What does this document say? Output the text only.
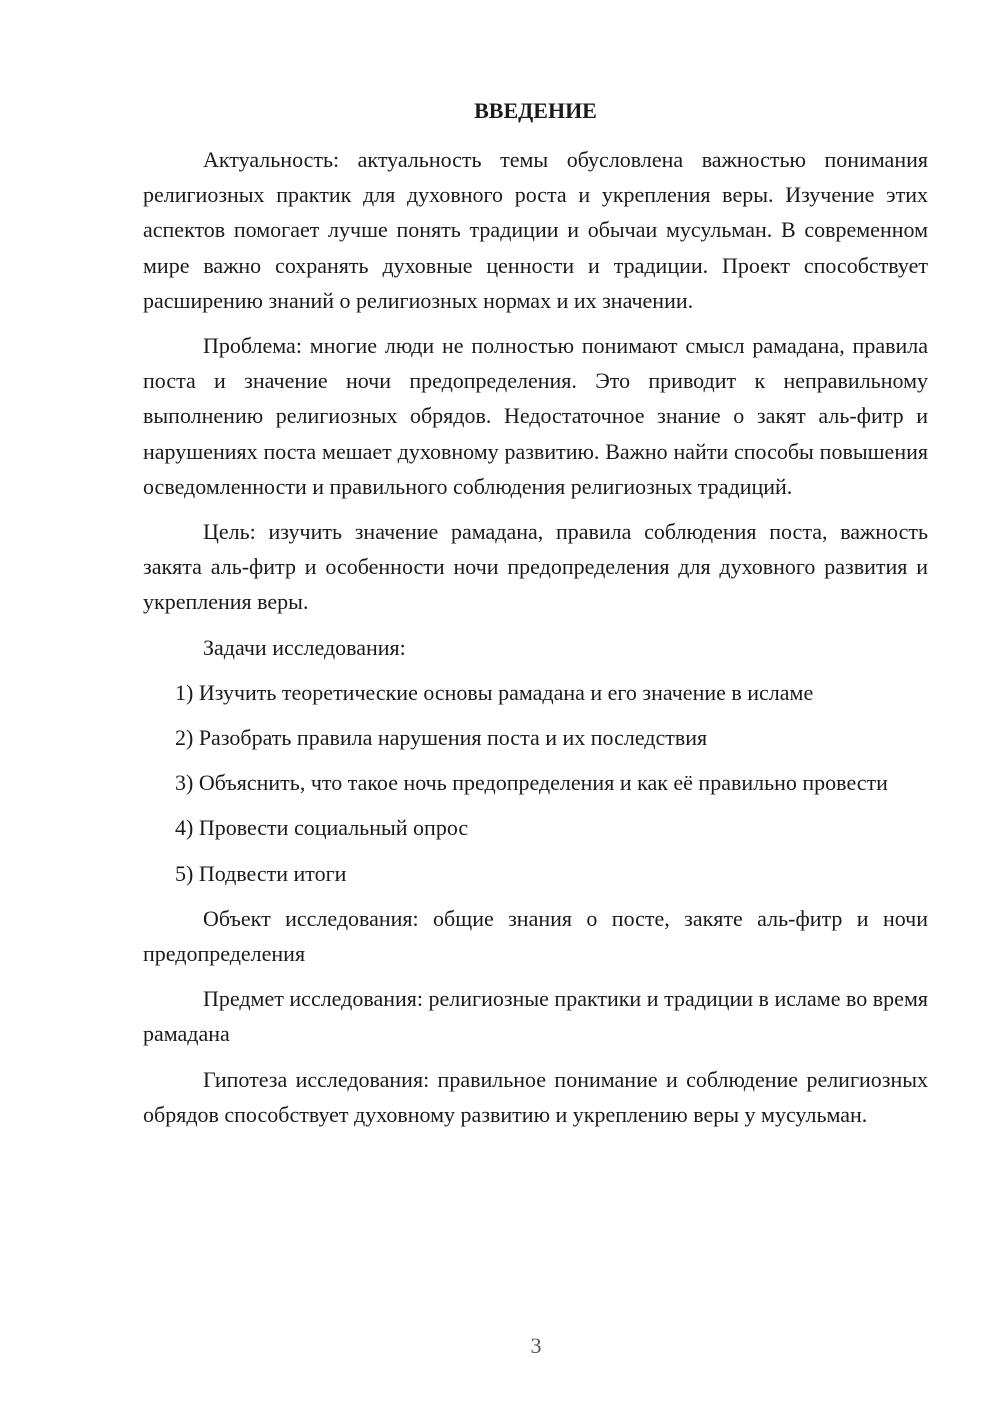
ВВЕДЕНИЕ

Актуальность: актуальность темы обусловлена важностью понимания религиозных практик для духовного роста и укрепления веры. Изучение этих аспектов помогает лучше понять традиции и обычаи мусульман. В современном мире важно сохранять духовные ценности и традиции. Проект способствует расширению знаний о религиозных нормах и их значении.

Проблема: многие люди не полностью понимают смысл рамадана, правила поста и значение ночи предопределения. Это приводит к неправильному выполнению религиозных обрядов. Недостаточное знание о закят аль-фитр и нарушениях поста мешает духовному развитию. Важно найти способы повышения осведомленности и правильного соблюдения религиозных традиций.

Цель: изучить значение рамадана, правила соблюдения поста, важность закята аль-фитр и особенности ночи предопределения для духовного развития и укрепления веры.

Задачи исследования:

1) Изучить теоретические основы рамадана и его значение в исламе

2) Разобрать правила нарушения поста и их последствия

3) Объяснить, что такое ночь предопределения и как её правильно провести

4) Провести социальный опрос

5) Подвести итоги

Объект исследования: общие знания о посте, закяте аль-фитр и ночи предопределения

Предмет исследования: религиозные практики и традиции в исламе во время рамадана

Гипотеза исследования: правильное понимание и соблюдение религиозных обрядов способствует духовному развитию и укреплению веры у мусульман.

3
